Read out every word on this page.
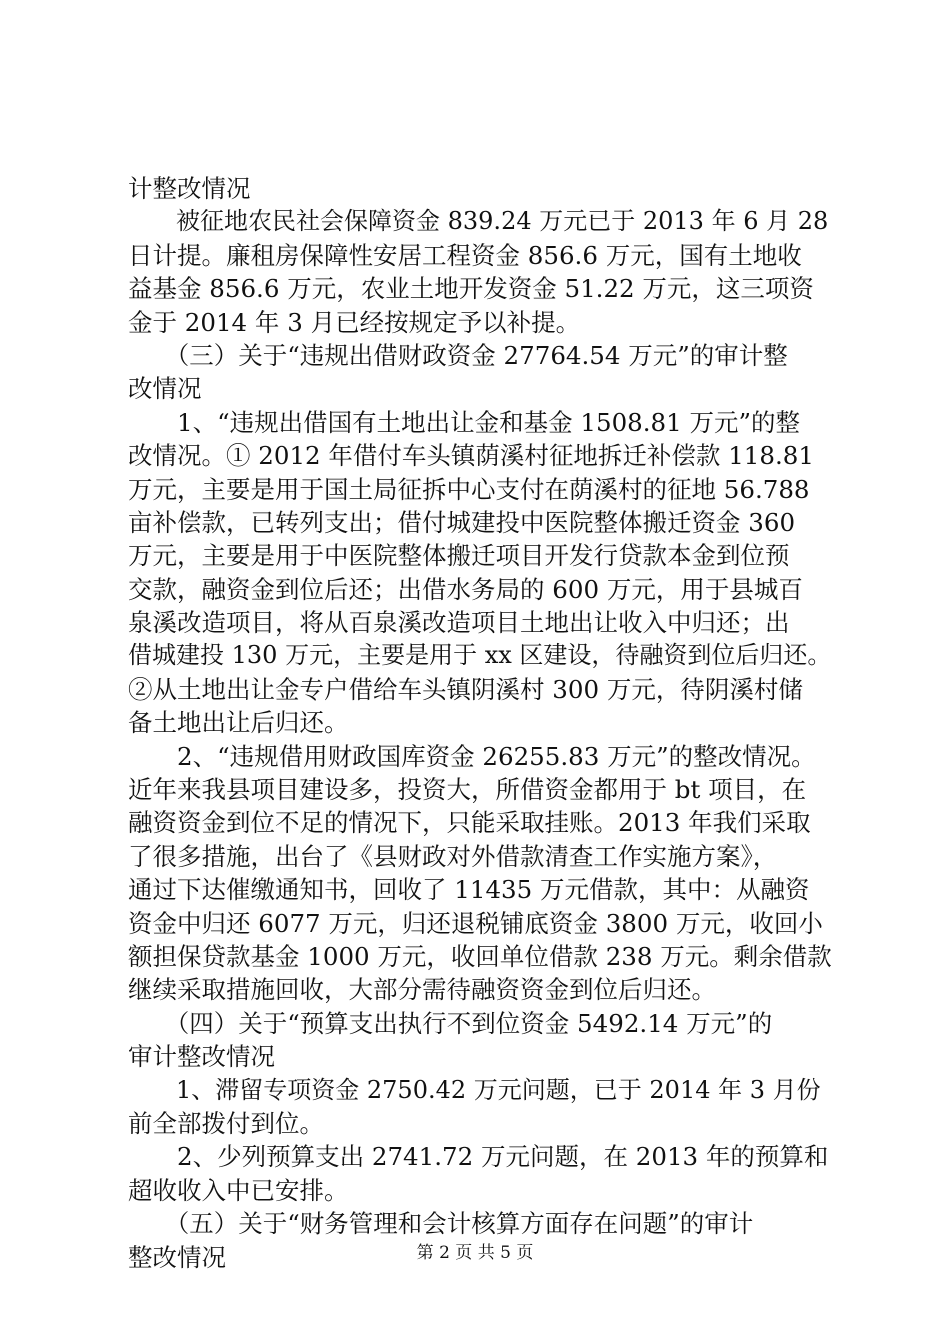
计整改情况
　　被征地农民社会保障资金 839.24 万元已于 2013 年 6 月 28
日计提。廉租房保障性安居工程资金 856.6 万元，国有土地收
益基金 856.6 万元，农业土地开发资金 51.22 万元，这三项资
金于 2014 年 3 月已经按规定予以补提。
　　（三）关于“违规出借财政资金 27764.54 万元”的审计整
改情况
　　1、“违规出借国有土地出让金和基金 1508.81 万元”的整
改情况。① 2012 年借付车头镇荫溪村征地拆迁补偿款 118.81
万元，主要是用于国土局征拆中心支付在荫溪村的征地 56.788
亩补偿款，已转列支出；借付城建投中医院整体搬迁资金 360
万元，主要是用于中医院整体搬迁项目开发行贷款本金到位预
交款，融资金到位后还；出借水务局的 600 万元，用于县城百
泉溪改造项目，将从百泉溪改造项目土地出让收入中归还；出
借城建投 130 万元，主要是用于 xx 区建设，待融资到位后归还。
②从土地出让金专户借给车头镇阴溪村 300 万元，待阴溪村储
备土地出让后归还。
　　2、“违规借用财政国库资金 26255.83 万元”的整改情况。
近年来我县项目建设多，投资大，所借资金都用于 bt 项目，在
融资资金到位不足的情况下，只能采取挂账。2013 年我们采取
了很多措施，出台了《县财政对外借款清查工作实施方案》，
通过下达催缴通知书，回收了 11435 万元借款，其中：从融资
资金中归还 6077 万元，归还退税铺底资金 3800 万元，收回小
额担保贷款基金 1000 万元，收回单位借款 238 万元。剩余借款
继续采取措施回收，大部分需待融资资金到位后归还。
　　（四）关于“预算支出执行不到位资金 5492.14 万元”的
审计整改情况
　　1、滞留专项资金 2750.42 万元问题，已于 2014 年 3 月份
前全部拨付到位。
　　2、少列预算支出 2741.72 万元问题，在 2013 年的预算和
超收收入中已安排。
　　（五）关于“财务管理和会计核算方面存在问题”的审计
整改情况	第 2 页 共 5 页
